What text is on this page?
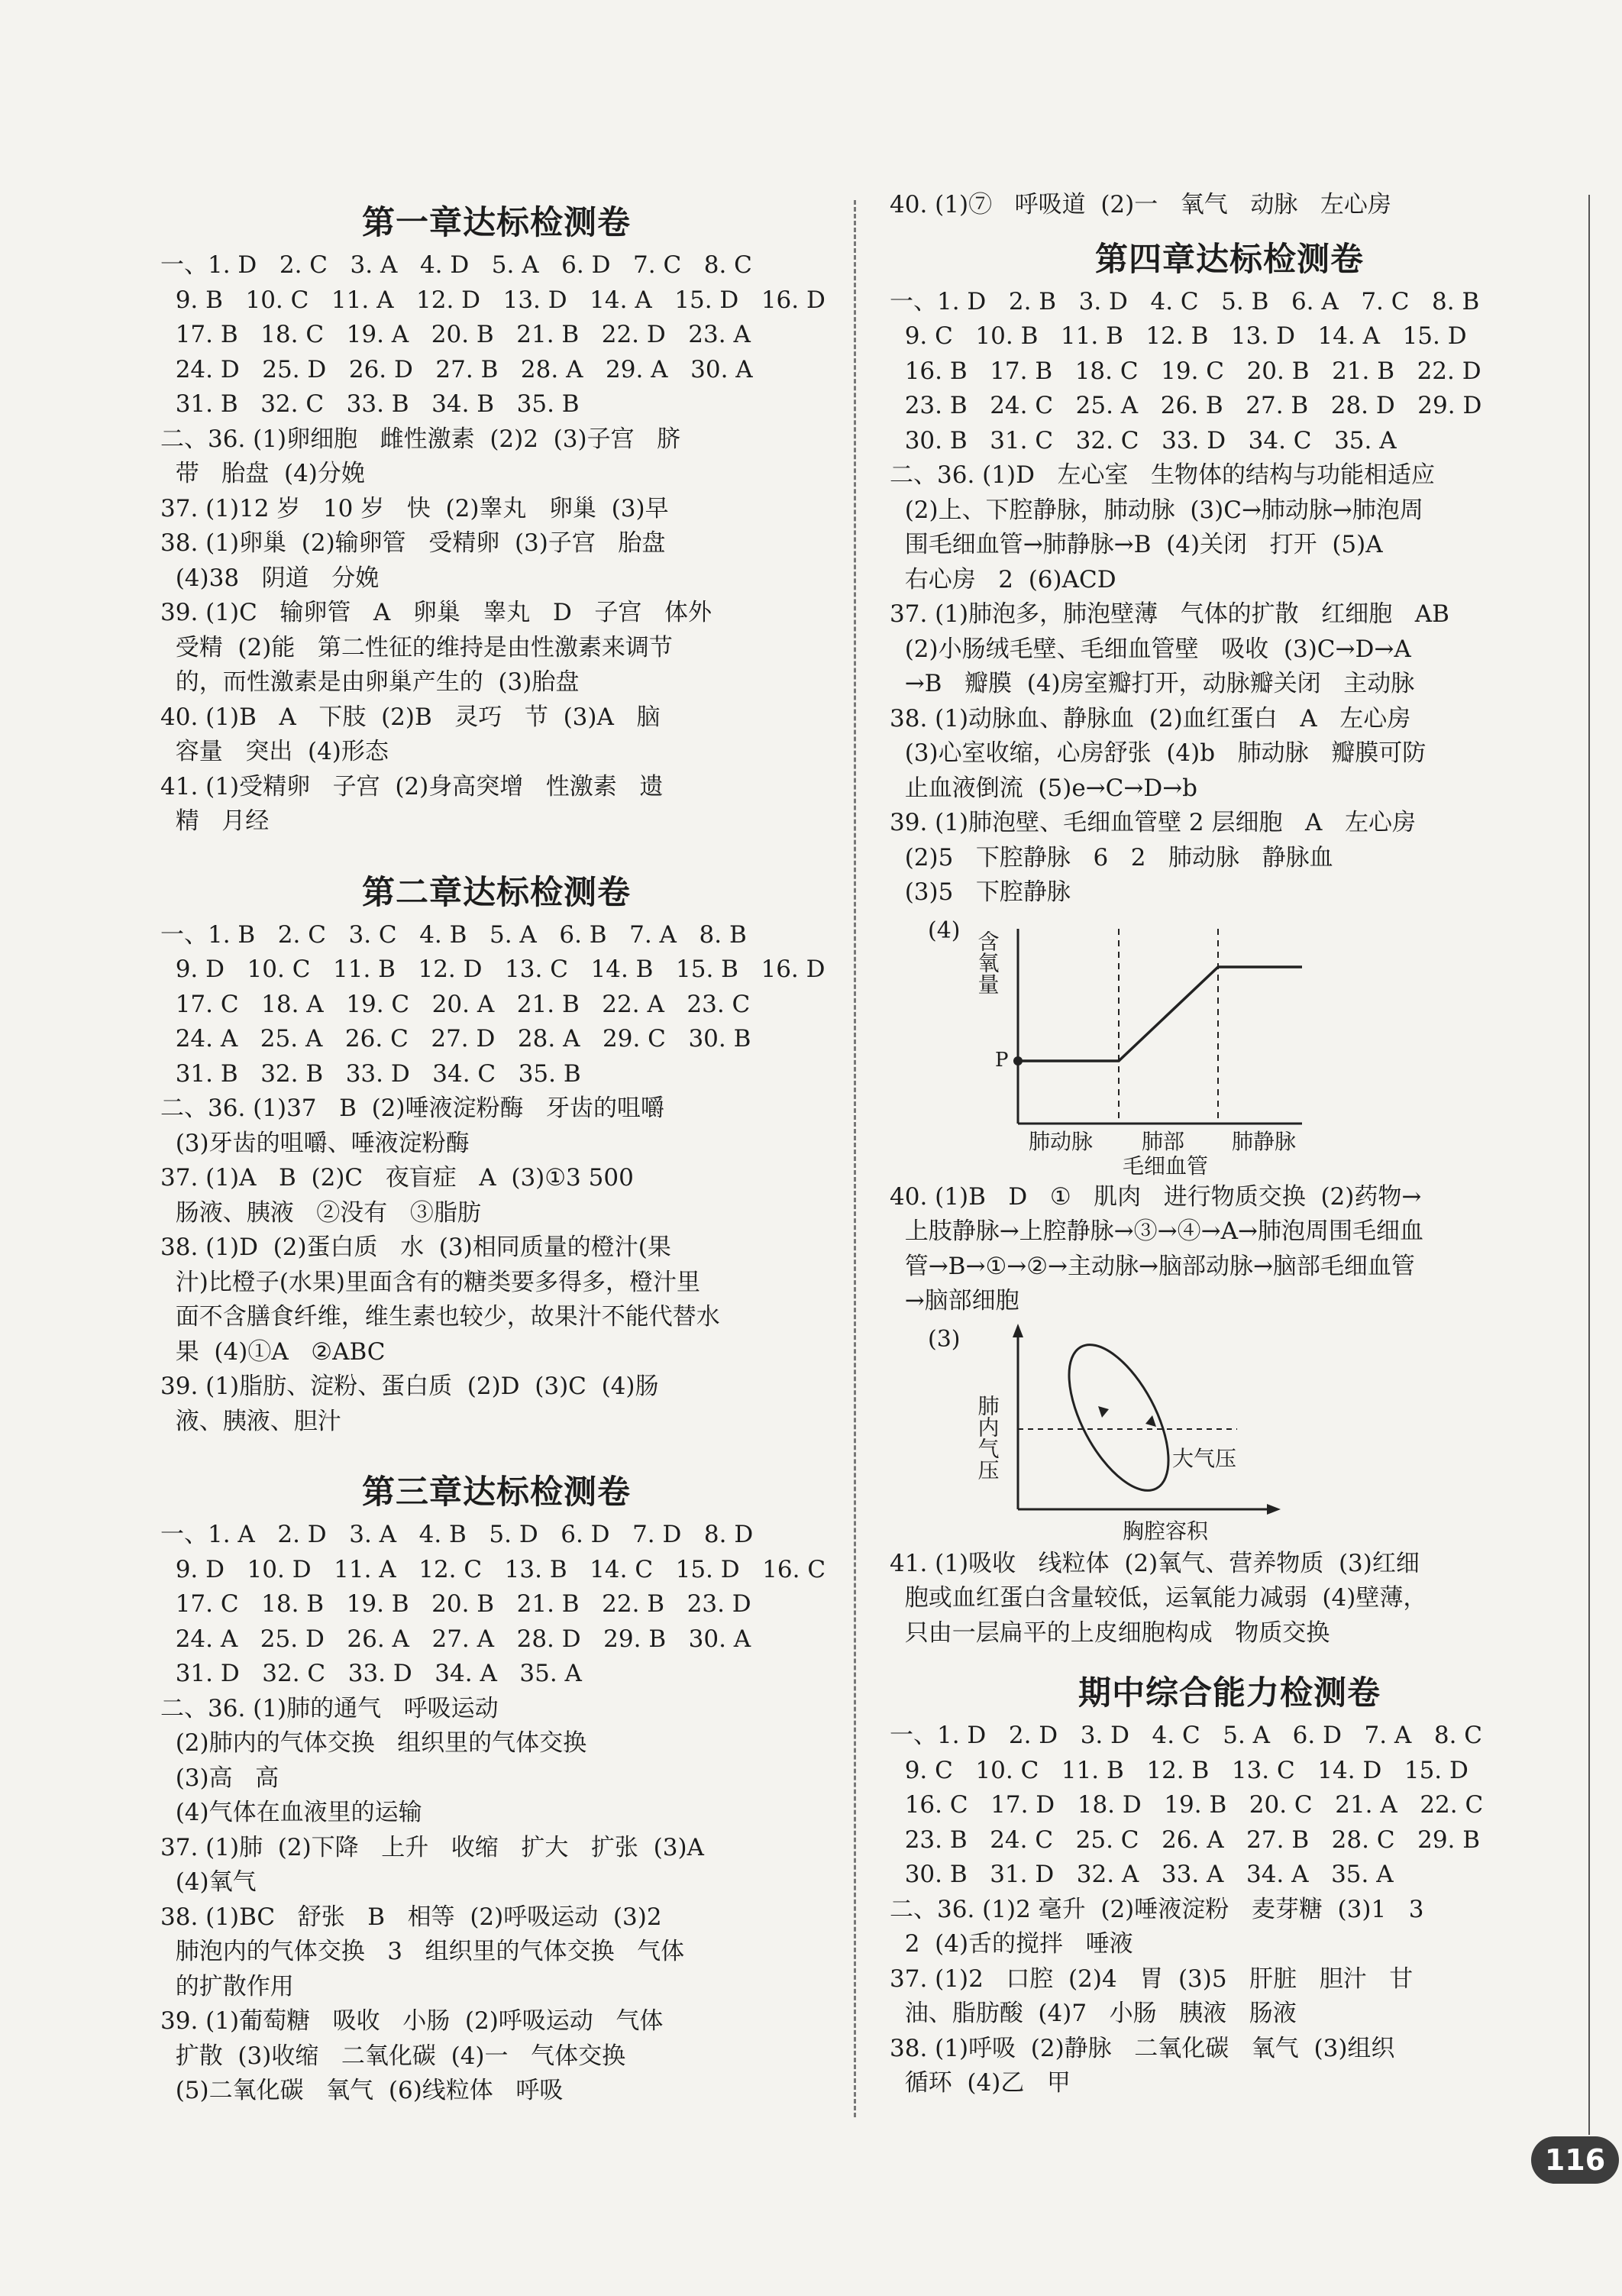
第一章达标检测卷
一、1. D   2. C   3. A   4. D   5. A   6. D   7. C   8. C
9. B   10. C   11. A   12. D   13. D   14. A   15. D   16. D
17. B   18. C   19. A   20. B   21. B   22. D   23. A
24. D   25. D   26. D   27. B   28. A   29. A   30. A
31. B   32. C   33. B   34. B   35. B
二、36. (1)卵细胞   雌性激素  (2)2  (3)子宫   脐
带   胎盘  (4)分娩
37. (1)12 岁   10 岁   快  (2)睾丸   卵巢  (3)早
38. (1)卵巢  (2)输卵管   受精卵  (3)子宫   胎盘
(4)38   阴道   分娩
39. (1)C   输卵管   A   卵巢   睾丸   D   子宫   体外
受精  (2)能   第二性征的维持是由性激素来调节
的，而性激素是由卵巢产生的  (3)胎盘
40. (1)B   A   下肢  (2)B   灵巧   节  (3)A   脑
容量   突出  (4)形态
41. (1)受精卵   子宫  (2)身高突增   性激素   遗
精   月经
第二章达标检测卷
一、1. B   2. C   3. C   4. B   5. A   6. B   7. A   8. B
9. D   10. C   11. B   12. D   13. C   14. B   15. B   16. D
17. C   18. A   19. C   20. A   21. B   22. A   23. C
24. A   25. A   26. C   27. D   28. A   29. C   30. B
31. B   32. B   33. D   34. C   35. B
二、36. (1)37   B  (2)唾液淀粉酶   牙齿的咀嚼
(3)牙齿的咀嚼、唾液淀粉酶
37. (1)A   B  (2)C   夜盲症   A  (3)①3 500
肠液、胰液   ②没有   ③脂肪
38. (1)D  (2)蛋白质   水  (3)相同质量的橙汁(果
汁)比橙子(水果)里面含有的糖类要多得多，橙汁里
面不含膳食纤维，维生素也较少，故果汁不能代替水
果  (4)①A   ②ABC
39. (1)脂肪、淀粉、蛋白质  (2)D  (3)C  (4)肠
液、胰液、胆汁
第三章达标检测卷
一、1. A   2. D   3. A   4. B   5. D   6. D   7. D   8. D
9. D   10. D   11. A   12. C   13. B   14. C   15. D   16. C
17. C   18. B   19. B   20. B   21. B   22. B   23. D
24. A   25. D   26. A   27. A   28. D   29. B   30. A
31. D   32. C   33. D   34. A   35. A
二、36. (1)肺的通气   呼吸运动
(2)肺内的气体交换   组织里的气体交换
(3)高   高
(4)气体在血液里的运输
37. (1)肺  (2)下降   上升   收缩   扩大   扩张  (3)A
(4)氧气
38. (1)BC   舒张   B   相等  (2)呼吸运动  (3)2
肺泡内的气体交换   3   组织里的气体交换   气体
的扩散作用
39. (1)葡萄糖   吸收   小肠  (2)呼吸运动   气体
扩散  (3)收缩   二氧化碳  (4)一   气体交换
(5)二氧化碳   氧气  (6)线粒体   呼吸
40. (1)⑦   呼吸道  (2)一   氧气   动脉   左心房
第四章达标检测卷
一、1. D   2. B   3. D   4. C   5. B   6. A   7. C   8. B
9. C   10. B   11. B   12. B   13. D   14. A   15. D
16. B   17. B   18. C   19. C   20. B   21. B   22. D
23. B   24. C   25. A   26. B   27. B   28. D   29. D
30. B   31. C   32. C   33. D   34. C   35. A
二、36. (1)D   左心室   生物体的结构与功能相适应
(2)上、下腔静脉，肺动脉  (3)C→肺动脉→肺泡周
围毛细血管→肺静脉→B  (4)关闭   打开  (5)A
右心房   2  (6)ACD
37. (1)肺泡多，肺泡壁薄   气体的扩散   红细胞   AB
(2)小肠绒毛壁、毛细血管壁   吸收  (3)C→D→A
→B   瓣膜  (4)房室瓣打开，动脉瓣关闭   主动脉
38. (1)动脉血、静脉血  (2)血红蛋白   A   左心房
(3)心室收缩，心房舒张  (4)b   肺动脉   瓣膜可防
止血液倒流  (5)e→C→D→b
39. (1)肺泡壁、毛细血管壁 2 层细胞   A   左心房
(2)5   下腔静脉   6   2   肺动脉   静脉血
(3)5   下腔静脉
(4) 含氧量
P
肺动脉 肺部 肺静脉
毛细血管
40. (1)B   D   ①   肌肉   进行物质交换  (2)药物→
上肢静脉→上腔静脉→③→④→A→肺泡周围毛细血
管→B→①→②→主动脉→脑部动脉→脑部毛细血管
→脑部细胞
(3)
肺内气压	大气压
胸腔容积
41. (1)吸收   线粒体  (2)氧气、营养物质  (3)红细
胞或血红蛋白含量较低，运氧能力减弱  (4)壁薄，
只由一层扁平的上皮细胞构成   物质交换
期中综合能力检测卷
一、1. D   2. D   3. D   4. C   5. A   6. D   7. A   8. C
9. C   10. C   11. B   12. B   13. C   14. D   15. D
16. C   17. D   18. D   19. B   20. C   21. A   22. C
23. B   24. C   25. C   26. A   27. B   28. C   29. B
30. B   31. D   32. A   33. A   34. A   35. A
二、36. (1)2 毫升  (2)唾液淀粉   麦芽糖  (3)1   3
2  (4)舌的搅拌   唾液
37. (1)2   口腔  (2)4   胃  (3)5   肝脏   胆汁   甘
油、脂肪酸  (4)7   小肠   胰液   肠液
38. (1)呼吸  (2)静脉   二氧化碳   氧气  (3)组织
循环  (4)乙   甲
116
